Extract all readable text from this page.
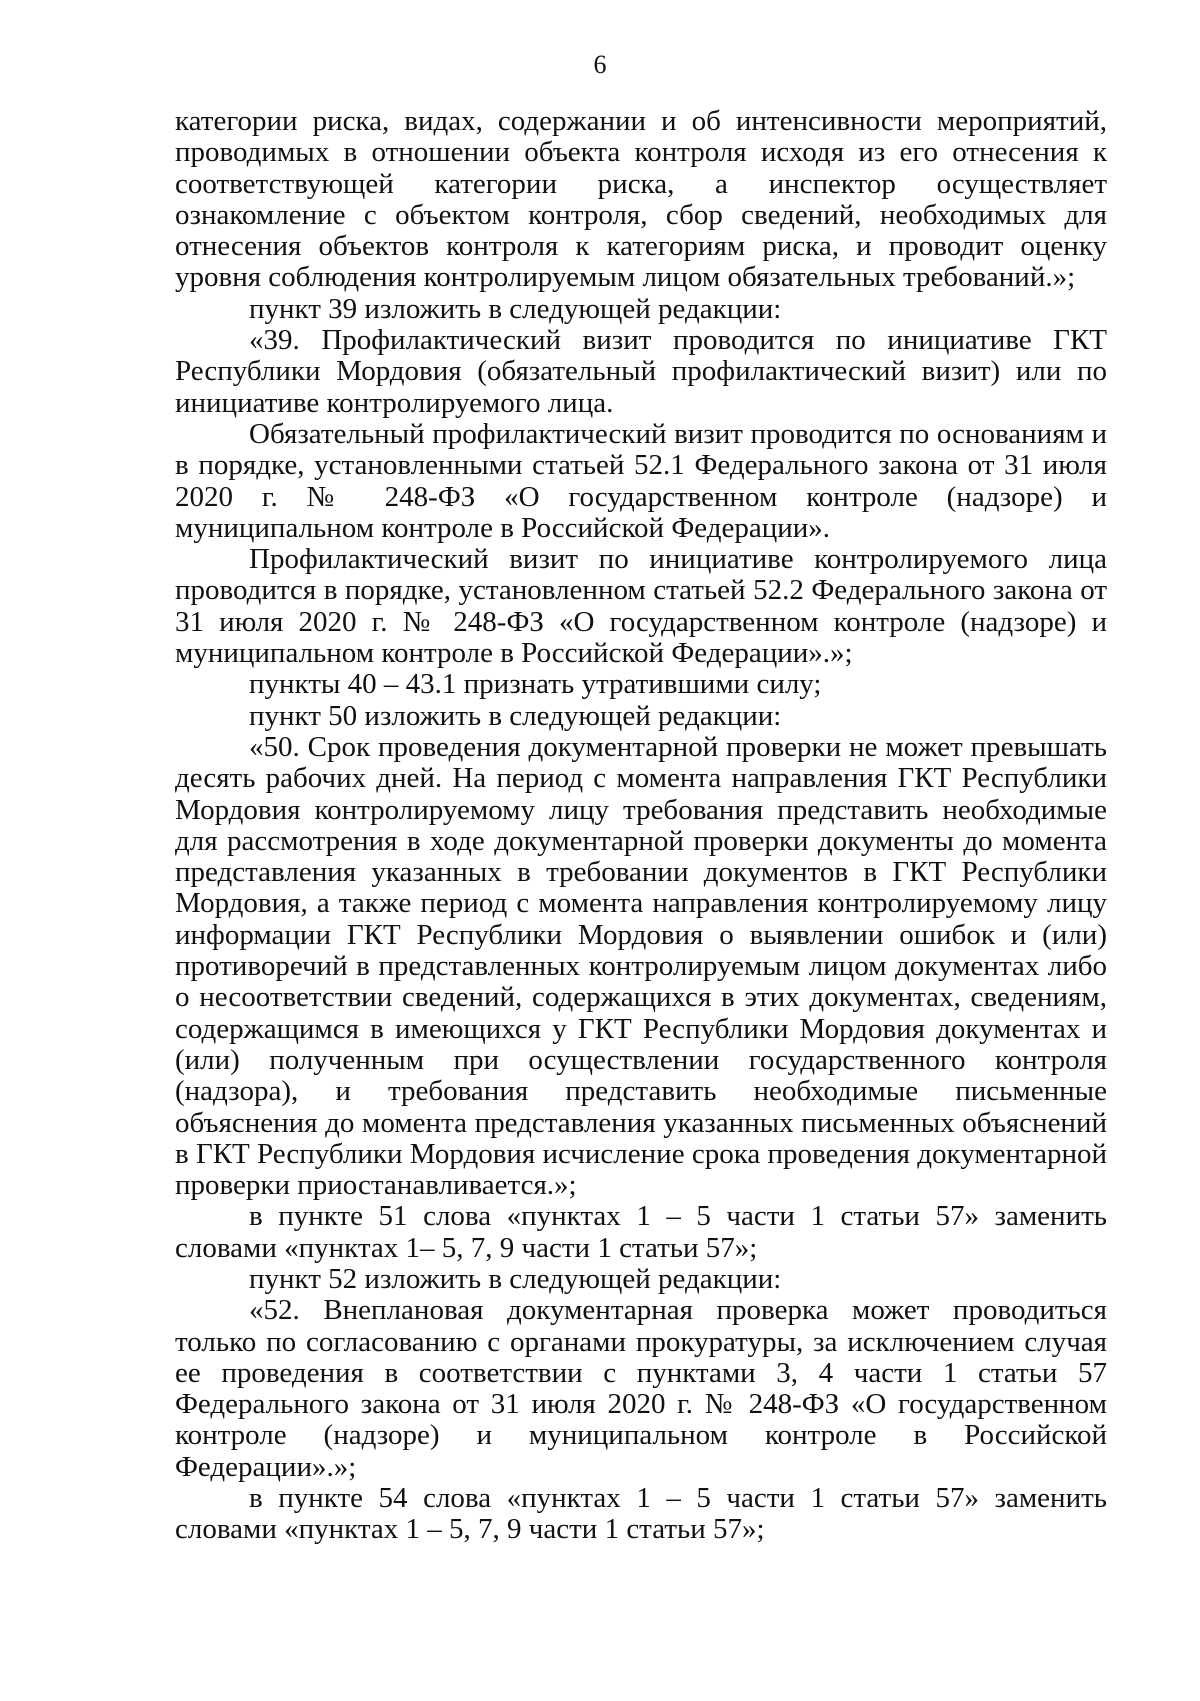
6

категории риска, видах, содержании и об интенсивности мероприятий, проводимых в отношении объекта контроля исходя из его отнесения к соответствующей категории риска, а инспектор осуществляет ознакомление с объектом контроля, сбор сведений, необходимых для отнесения объектов контроля к категориям риска, и проводит оценку уровня соблюдения контролируемым лицом обязательных требований.»;

пункт 39 изложить в следующей редакции:

«39. Профилактический визит проводится по инициативе ГКТ Республики Мордовия (обязательный профилактический визит) или по инициативе контролируемого лица.

Обязательный профилактический визит проводится по основаниям и в порядке, установленными статьей 52.1 Федерального закона от 31 июля 2020 г. № 248-ФЗ «О государственном контроле (надзоре) и муниципальном контроле в Российской Федерации».

Профилактический визит по инициативе контролируемого лица проводится в порядке, установленном статьей 52.2 Федерального закона от 31 июля 2020 г. № 248-ФЗ «О государственном контроле (надзоре) и муниципальном контроле в Российской Федерации».»;

пункты 40 – 43.1 признать утратившими силу;

пункт 50 изложить в следующей редакции:

«50. Срок проведения документарной проверки не может превышать десять рабочих дней. На период с момента направления ГКТ Республики Мордовия контролируемому лицу требования представить необходимые для рассмотрения в ходе документарной проверки документы до момента представления указанных в требовании документов в ГКТ Республики Мордовия, а также период с момента направления контролируемому лицу информации ГКТ Республики Мордовия о выявлении ошибок и (или) противоречий в представленных контролируемым лицом документах либо о несоответствии сведений, содержащихся в этих документах, сведениям, содержащимся в имеющихся у ГКТ Республики Мордовия документах и (или) полученным при осуществлении государственного контроля (надзора), и требования представить необходимые письменные объяснения до момента представления указанных письменных объяснений в ГКТ Республики Мордовия исчисление срока проведения документарной проверки приостанавливается.»;

в пункте 51 слова «пунктах 1 – 5 части 1 статьи 57» заменить словами «пунктах 1– 5, 7, 9 части 1 статьи 57»;

пункт 52 изложить в следующей редакции:

«52. Внеплановая документарная проверка может проводиться только по согласованию с органами прокуратуры, за исключением случая ее проведения в соответствии с пунктами 3, 4 части 1 статьи 57 Федерального закона от 31 июля 2020 г. № 248-ФЗ «О государственном контроле (надзоре) и муниципальном контроле в Российской Федерации».»;

в пункте 54 слова «пунктах 1 – 5 части 1 статьи 57» заменить словами «пунктах 1 – 5, 7, 9 части 1 статьи 57»;
